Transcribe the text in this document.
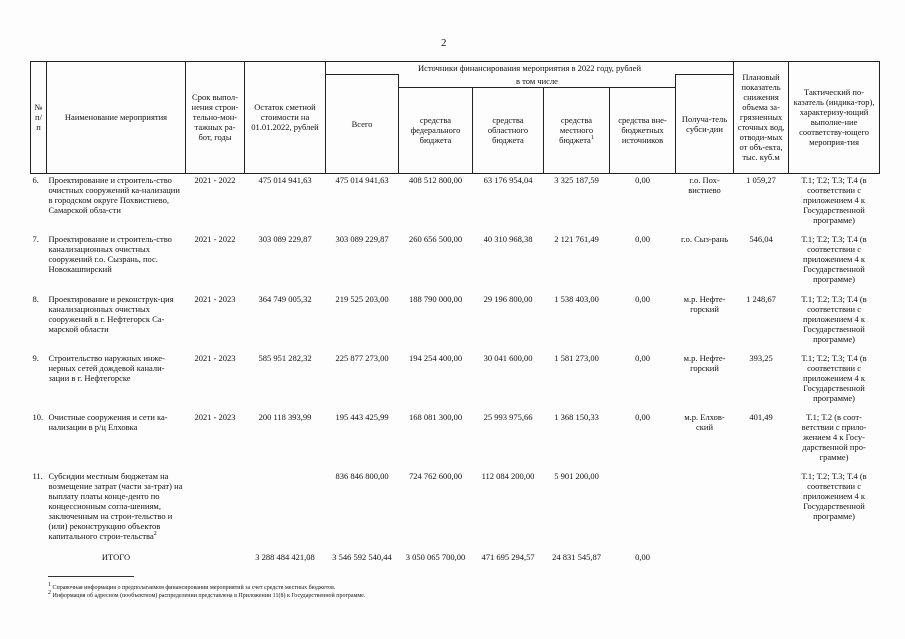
2
№ п/п	Наименование мероприятия	Срок выпол-нения строи-тельно-мон-тажных ра-бот, годы	Остаток сметной стоимости на 01.01.2022, рублей	Источники финансирования мероприятия в 2022 году, рублей						Плановый показатель снижения объема за-грязненных сточных вод, отводи-мых от объ-екта, тыс. куб.м	Тактический по-казатель (индика-тор), характеризу-ющий выполне-ние соответству-ющего мероприя-тия
				Всего	в том числе				Получа-тель субси-дии		
					средства федерального бюджета	средства областного бюджета	средства местного бюджета$^1$	средства вне-бюджетных источников			
6.	Проектирование и строитель-ство очистных сооружений ка-нализации в городском округе Похвистнево, Самарской обла-сти	2021 - 2022	475 014 941,63	475 014 941,63	408 512 800,00	63 176 954,04	3 325 187,59	0,00	г.о. Пох-вистнево	1 059,27	Т.1; Т.2; Т.3; Т.4 (в соответствии с приложением 4 к Государственной программе)
7.	Проектирование и строитель-ство канализационных очистных сооружений г.о. Сызрань, пос. Новокашпирский	2021 - 2022	303 089 229,87	303 089 229,87	260 656 500,00	40 310 968,38	2 121 761,49	0,00	г.о. Сыз-рань	546,04	Т.1; Т.2; Т.3; Т.4 (в соответствии с приложением 4 к Государственной программе)
8.	Проектирование и реконструк-ция канализационных очистных сооружений в г. Нефтегорск Са-марской области	2021 - 2023	364 749 005,32	219 525 203,00	188 790 000,00	29 196 800,00	1 538 403,00	0,00	м.р. Нефте-горский	1 248,67	Т.1; Т.2; Т.3; Т.4 (в соответствии с приложением 4 к Государственной программе)
9.	Строительство наружных инже-нерных сетей дождевой канали-зации в г. Нефтегорске	2021 - 2023	585 951 282,32	225 877 273,00	194 254 400,00	30 041 600,00	1 581 273,00	0,00	м.р. Нефте-горский	393,25	Т.1; Т.2; Т.3; Т.4 (в соответствии с приложением 4 к Государственной программе)
10.	Очистные сооружения и сети ка-нализации в р/ц Елховка	2021 - 2023	200 118 393,99	195 443 425,99	168 081 300,00	25 993 975,66	1 368 150,33	0,00	м.р. Елхов-ский	401,49	Т.1; Т.2 (в соот-ветствии с прило-жением 4 к Госу-дарственной про-грамме)
11.	Субсидии местным бюджетам на возмещение затрат (части за-трат) на выплату платы конце-денто по концессионным согла-шениям, заключенным на строи-тельство и (или) реконструкцию объектов капитального строи-тельства$^2$			836 846 800,00	724 762 600,00	112 084 200,00	5 901 200,00				Т.1; Т.2; Т.3; Т.4 (в соответствии с приложением 4 к Государственной программе)
	ИТОГО		3 288 484 421,08	3 546 592 540,44	3 050 065 700,00	471 695 294,57	24 831 545,87	0,00			
$^1$ Справочная информация о предполагаемом финансировании мероприятий за счет средств местных бюджетов.
$^2$ Информация об адресном (пообъектном) распределении представлена в Приложении 11(8) к Государственной программе.
